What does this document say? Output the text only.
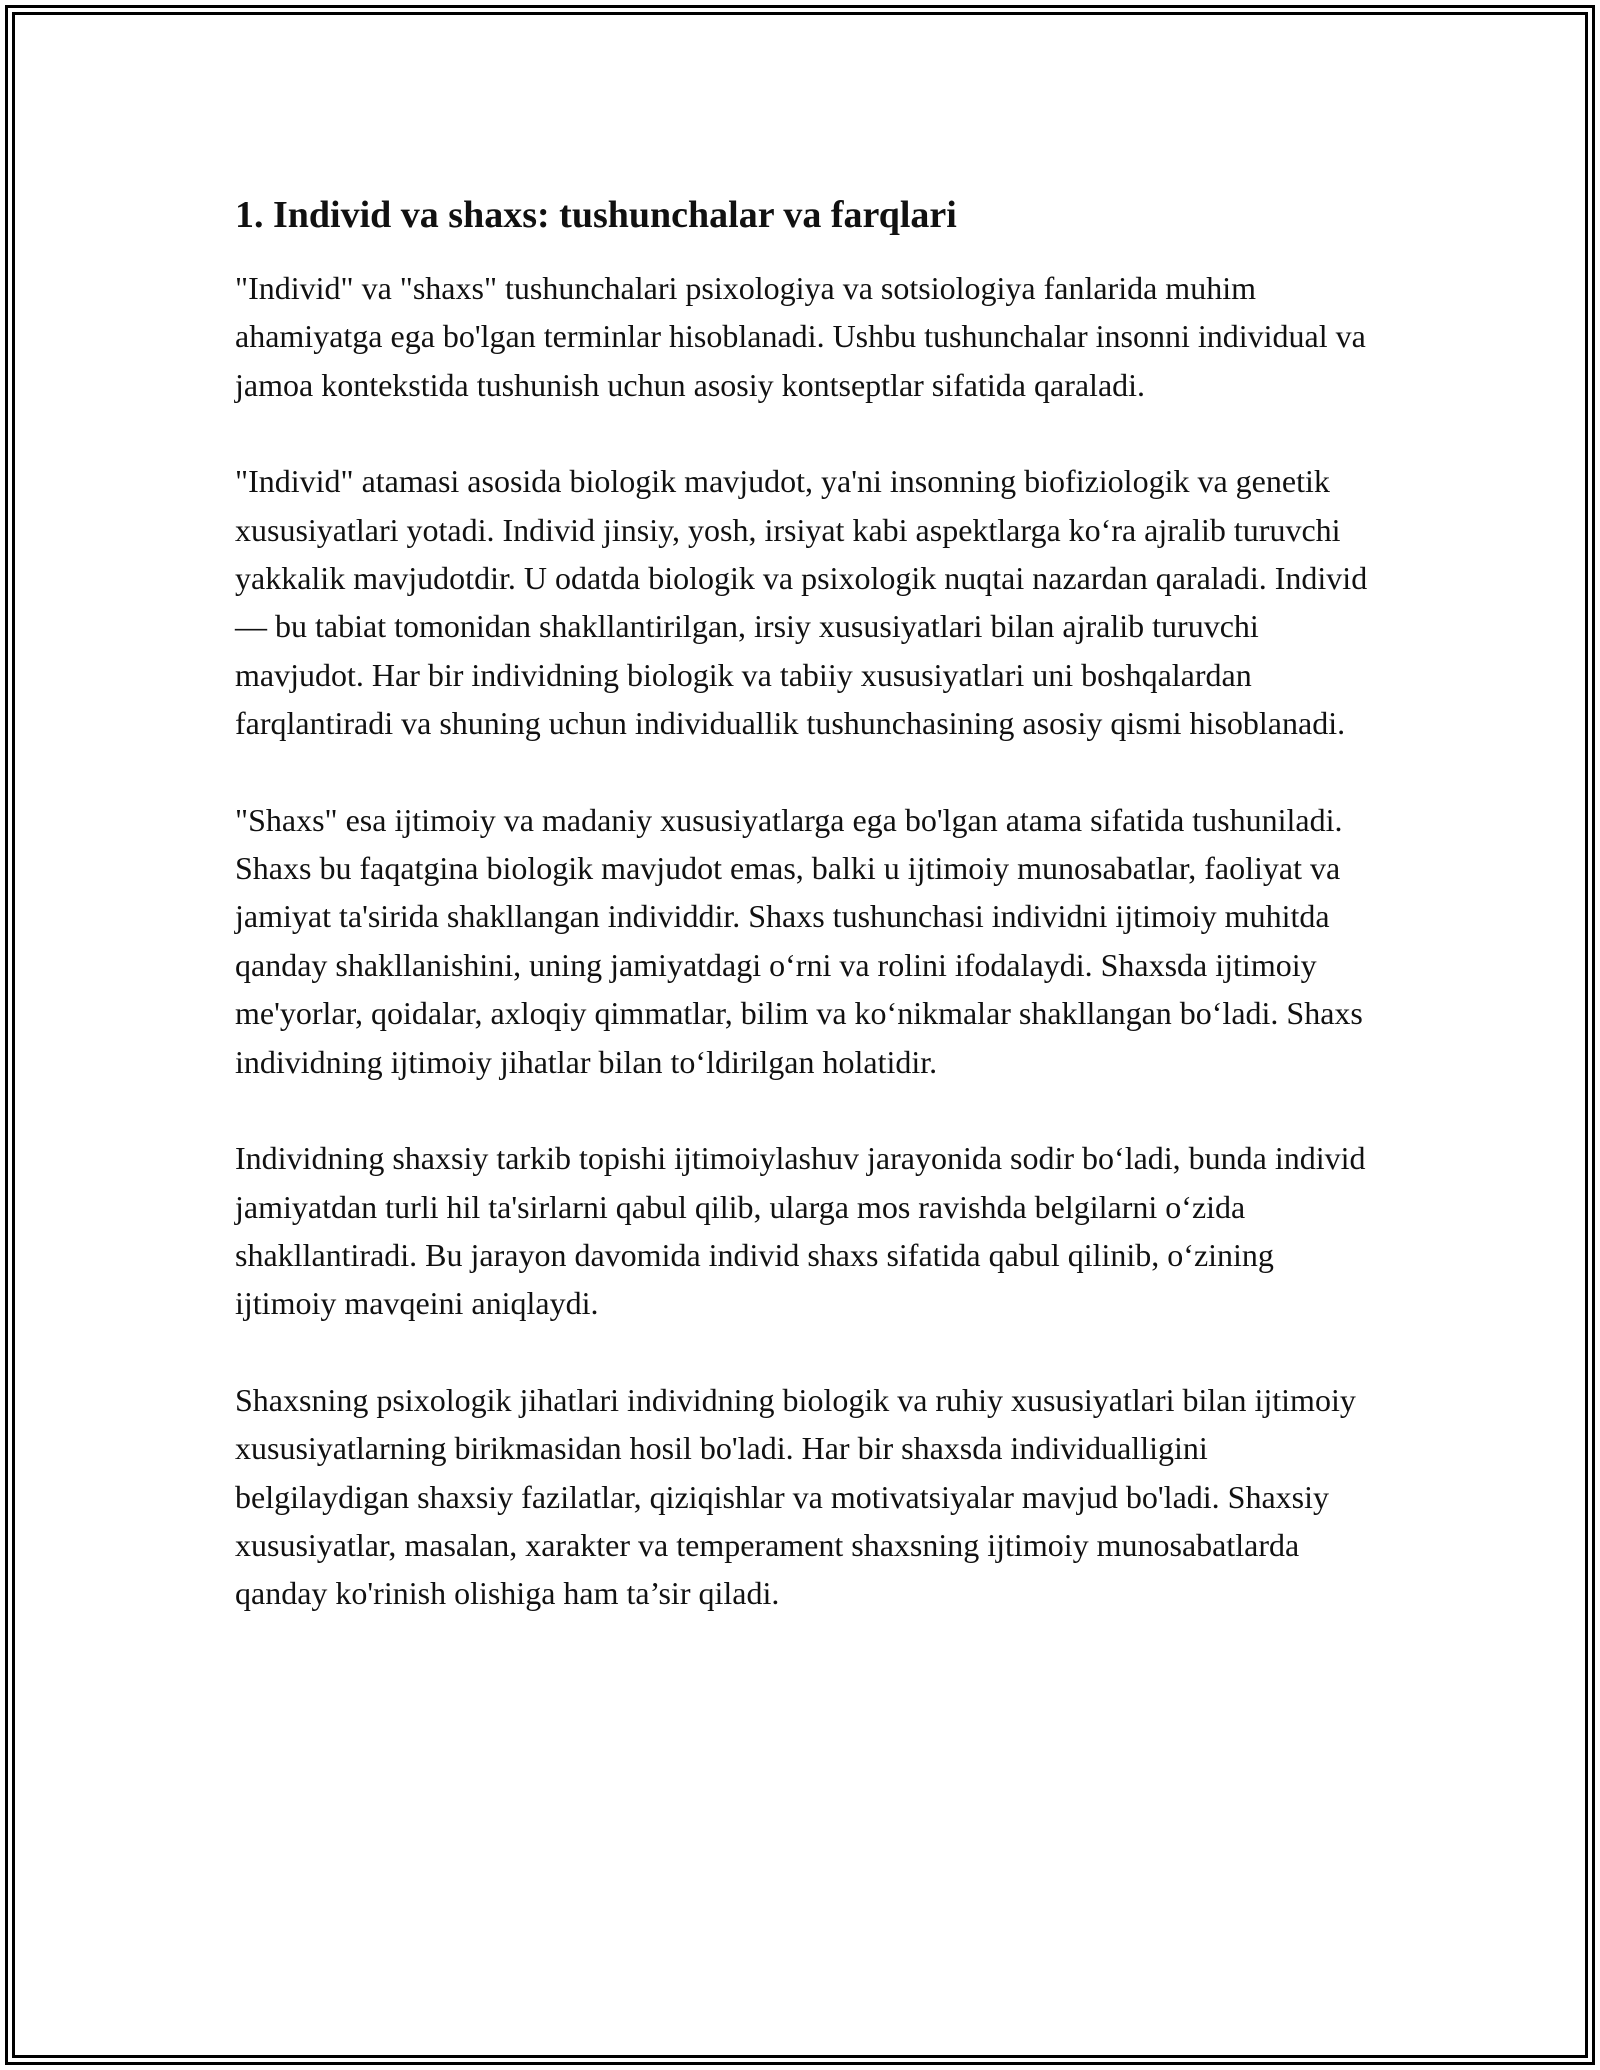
1. Individ va shaxs: tushunchalar va farqlari

"Individ" va "shaxs" tushunchalari psixologiya va sotsiologiya fanlarida muhim ahamiyatga ega bo'lgan terminlar hisoblanadi. Ushbu tushunchalar insonni individual va jamoa kontekstida tushunish uchun asosiy kontseptlar sifatida qaraladi.

"Individ" atamasi asosida biologik mavjudot, ya'ni insonning biofiziologik va genetik xususiyatlari yotadi. Individ jinsiy, yosh, irsiyat kabi aspektlarga ko‘ra ajralib turuvchi yakkalik mavjudotdir. U odatda biologik va psixologik nuqtai nazardan qaraladi. Individ — bu tabiat tomonidan shakllantirilgan, irsiy xususiyatlari bilan ajralib turuvchi mavjudot. Har bir individning biologik va tabiiy xususiyatlari uni boshqalardan farqlantiradi va shuning uchun individuallik tushunchasining asosiy qismi hisoblanadi.

"Shaxs" esa ijtimoiy va madaniy xususiyatlarga ega bo'lgan atama sifatida tushuniladi. Shaxs bu faqatgina biologik mavjudot emas, balki u ijtimoiy munosabatlar, faoliyat va jamiyat ta'sirida shakllangan individdir. Shaxs tushunchasi individni ijtimoiy muhitda qanday shakllanishini, uning jamiyatdagi o‘rni va rolini ifodalaydi. Shaxsda ijtimoiy me'yorlar, qoidalar, axloqiy qimmatlar, bilim va ko‘nikmalar shakllangan bo‘ladi. Shaxs individning ijtimoiy jihatlar bilan to‘ldirilgan holatidir.

Individning shaxsiy tarkib topishi ijtimoiylashuv jarayonida sodir bo‘ladi, bunda individ jamiyatdan turli hil ta'sirlarni qabul qilib, ularga mos ravishda belgilarni o‘zida shakllantiradi. Bu jarayon davomida individ shaxs sifatida qabul qilinib, o‘zining ijtimoiy mavqeini aniqlaydi.

Shaxsning psixologik jihatlari individning biologik va ruhiy xususiyatlari bilan ijtimoiy xususiyatlarning birikmasidan hosil bo'ladi. Har bir shaxsda individualligini belgilaydigan shaxsiy fazilatlar, qiziqishlar va motivatsiyalar mavjud bo'ladi. Shaxsiy xususiyatlar, masalan, xarakter va temperament shaxsning ijtimoiy munosabatlarda qanday ko'rinish olishiga ham ta’sir qiladi.
